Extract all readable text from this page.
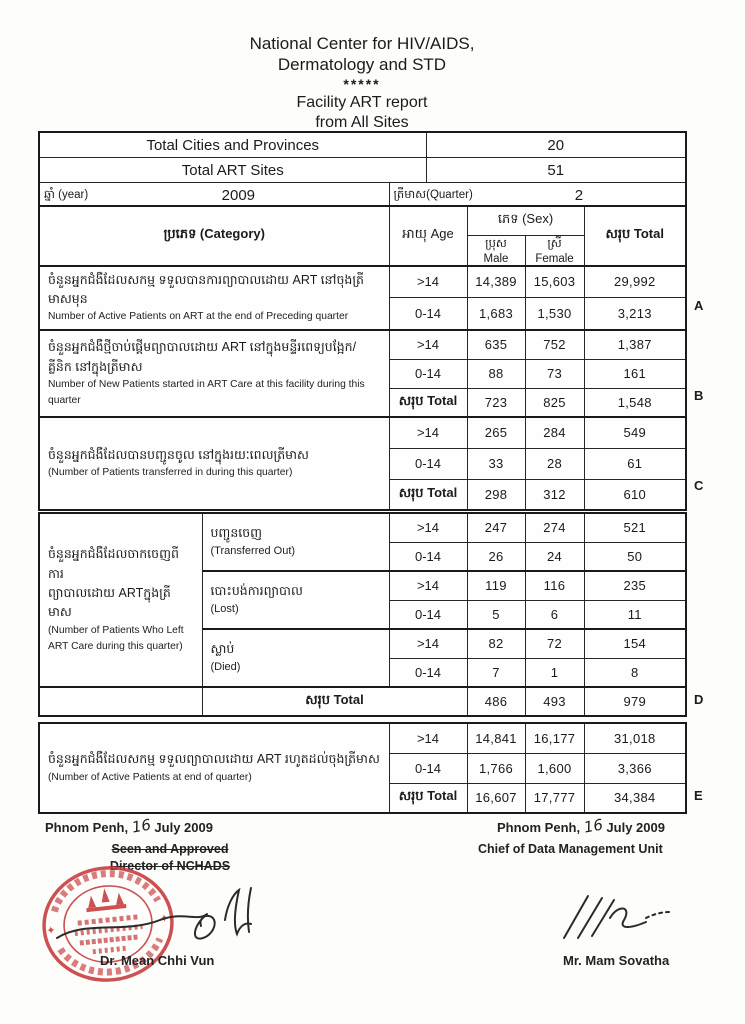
National Center for HIV/AIDS,
Dermatology and STD
*****
Facility ART report
from All Sites
Total Cities and Provinces		20
Total ART Sites		51

ឆ្នាំ (year) 2009	ត្រីមាស(Quarter) 2	
ប្រភេទ (Category)	អាយុ Age	ភេទ (Sex)		សរុប Total
		ប្រុស Male	ស្រី Female	

ចំនួនអ្នកជំងឺដែលសកម្ម ទទួលបានការព្យាបាលដោយ ART នៅចុងត្រីមាសមុន
Number of Active Patients on ART at the end of Preceding quarter	>14	14,389	15,603	29,992
	0-14	1,683	1,530	3,213

ចំនួនអ្នកជំងឺថ្មីចាប់ផ្តើមព្យាបាលដោយ ART នៅក្នុងមន្ទីរពេទ្យបង្អែក/ គ្លីនិក នៅក្នុងត្រីមាស
Number of New Patients started in ART Care at this facility during this quarter	>14	635	752	1,387
	0-14	88	73	161
	សរុប Total	723	825	1,548

ចំនួនអ្នកជំងឺដែលបានបញ្ជូនចូល នៅក្នុងរយៈពេលត្រីមាស
(Number of Patients transferred in during this quarter)	>14	265	284	549
	0-14	33	28	61
	សរុប Total	298	312	610
ចំនួនអ្នកជំងឺដែលចាកចេញពីការ
ព្យាបាលដោយ ARTក្នុងត្រីមាស
(Number of Patients Who Left ART Care during this quarter)

បញ្ជូនចេញ
(Transferred Out)
	>14	247	274	521
		0-14	26	24	50

	បោះបង់ការព្យាបាល
(Lost)	>14	119	116	235
		0-14	5	6	11

	ស្លាប់
(Died)	>14	82	72	154
		0-14	7	1	8
	សរុប Total		486	493	979
ចំនួនអ្នកជំងឺដែលសកម្ម ទទួលព្យាបាលដោយ ART រហូតដល់ចុងត្រីមាស
(Number of Active Patients at end of quarter)	>14	14,841	16,177	31,018
	0-14	1,766	1,600	3,366
	សរុប Total	16,607	17,777	34,384
A
B
C
D
E
Phnom Penh, 16 July 2009
Seen and Approved
Director of NCHADS
✦
✦
Dr. Mean Chhi Vun
Phnom Penh, 16 July 2009
Chief of Data Management Unit
Mr. Mam Sovatha
